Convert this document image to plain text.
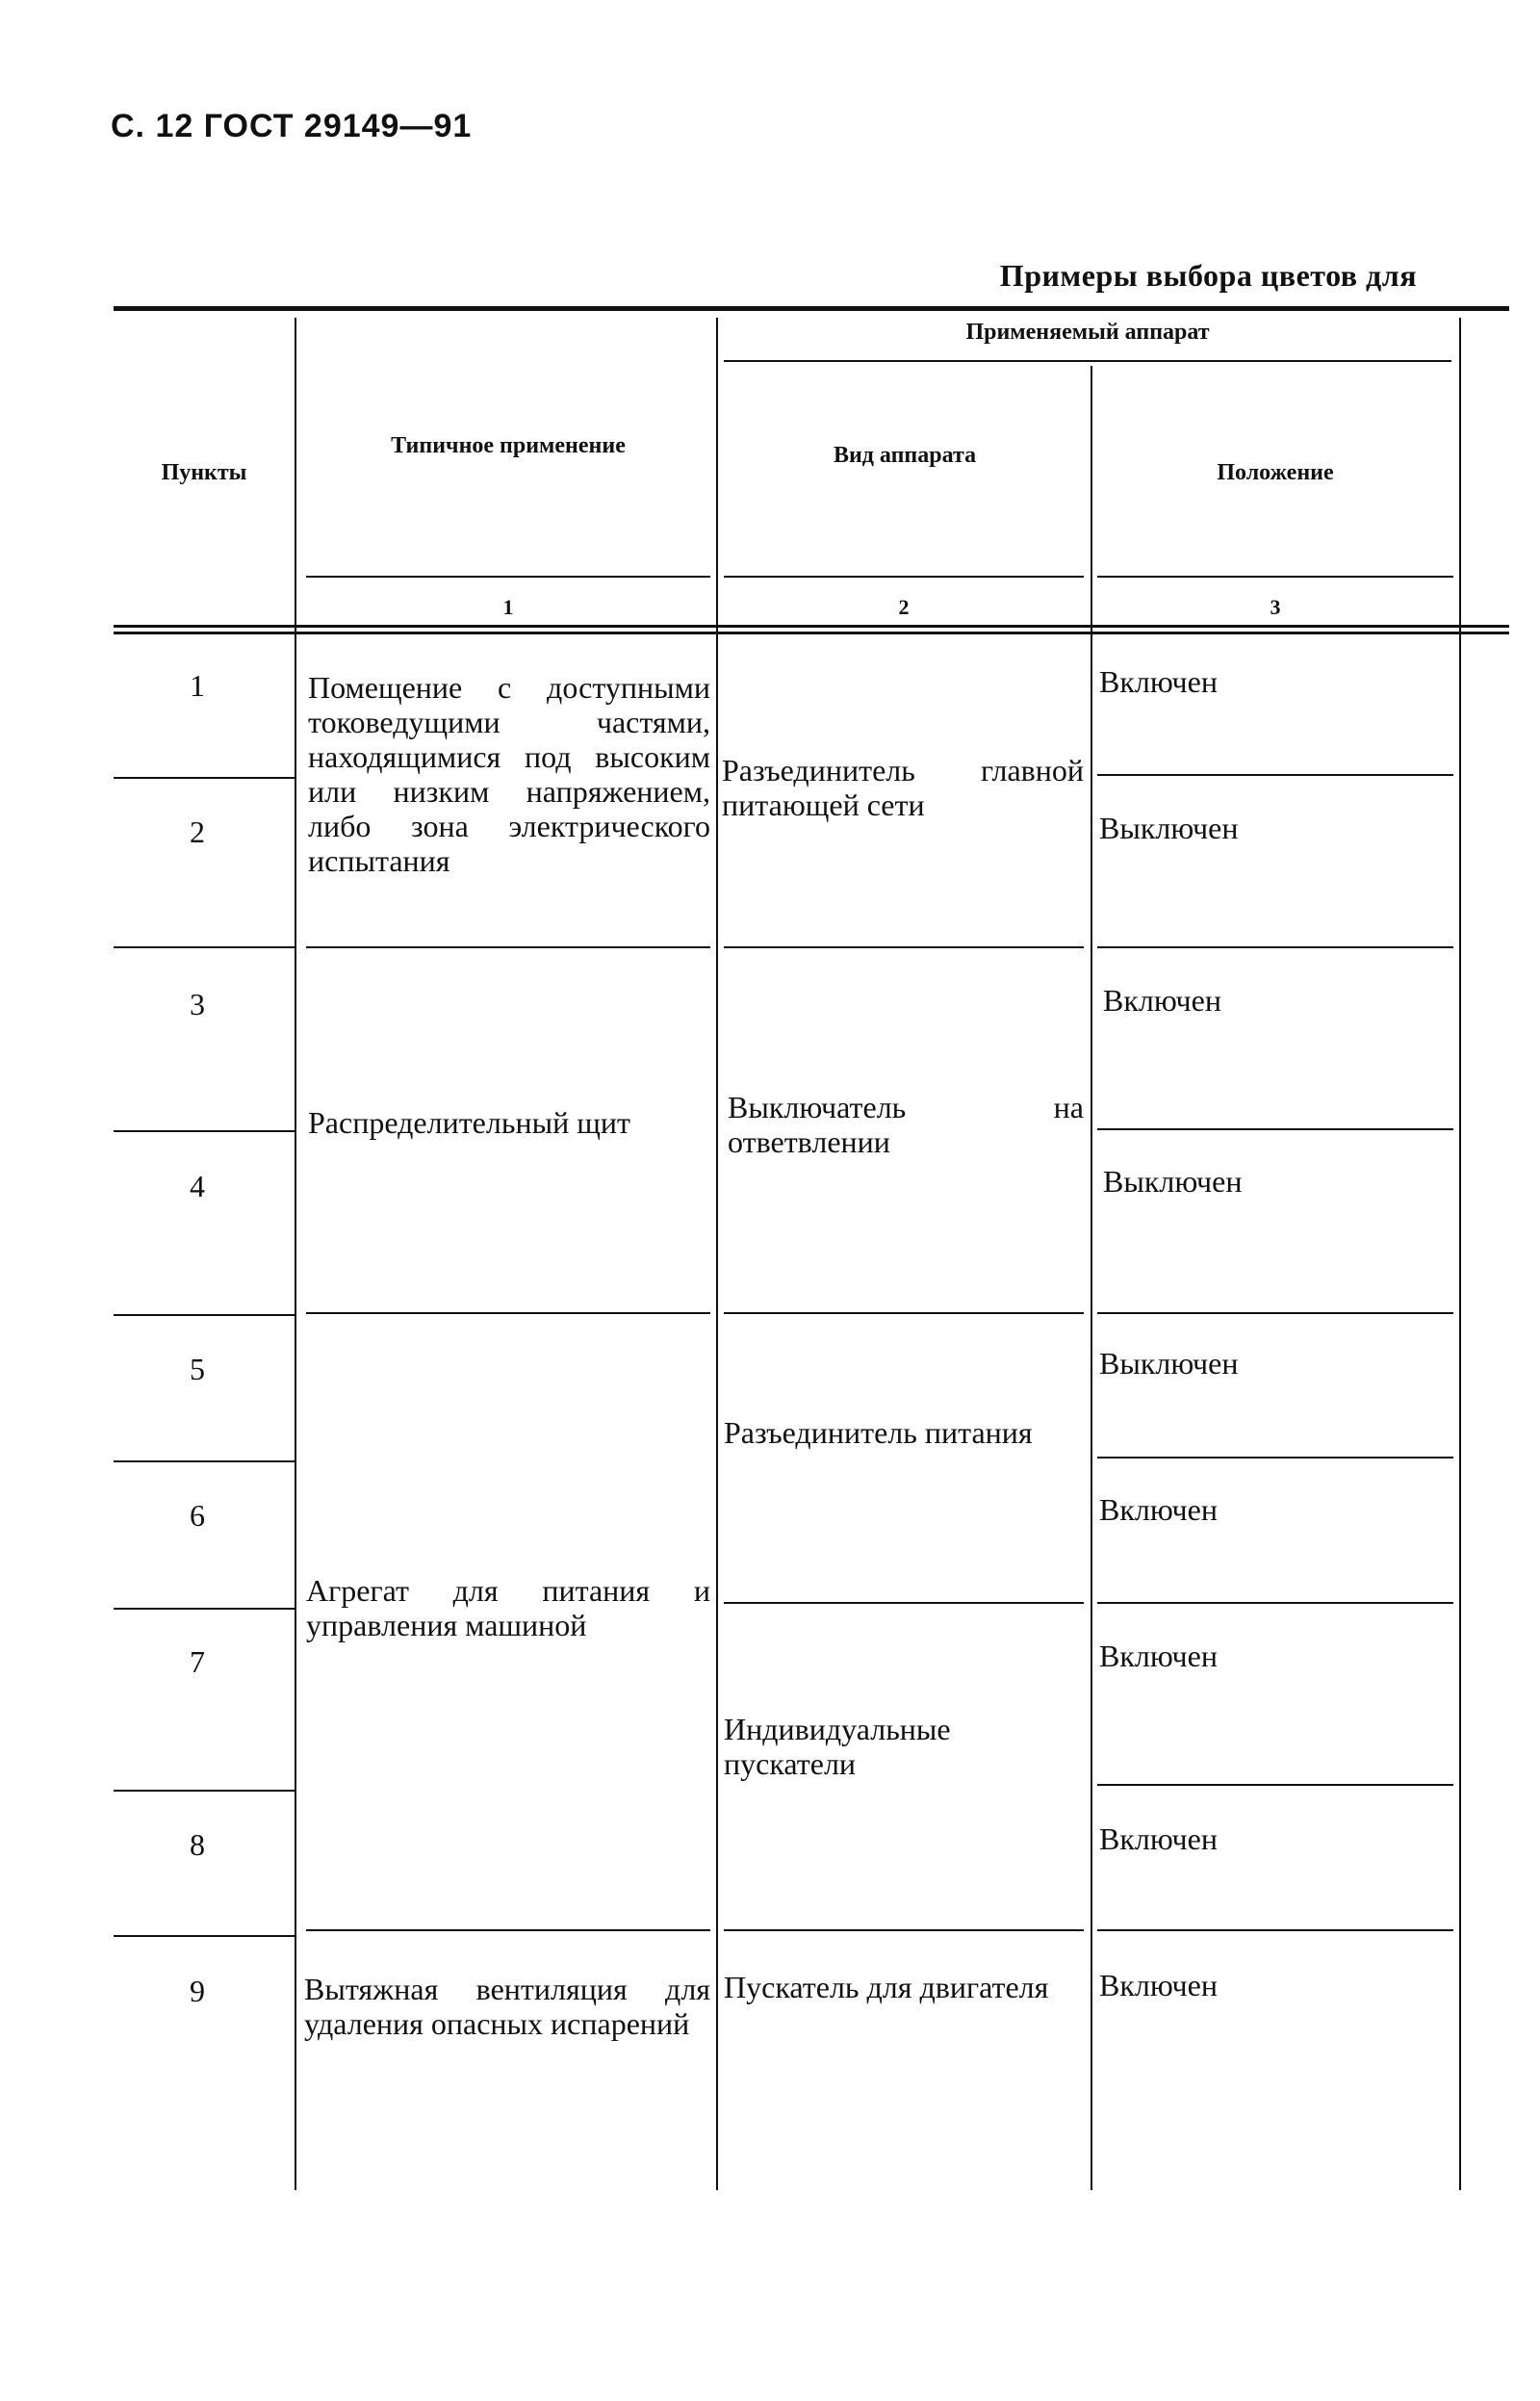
С. 12 ГОСТ 29149—91
Примеры выбора цветов для
Пункты
Типичное применение
Применяемый аппарат
Вид аппарата
Положение
1	2	3
1
2
3
4
5
6
7
8
9
Помещение с доступными токоведущими частями, находящимися под высоким или низким напряжением, либо зона электрического испытания
Распределительный щит
Агрегат для питания и управления машиной
Вытяжная вентиляция для удаления опасных испарений
Разъединитель главной питающей сети
Выключатель на ответвлении
Разъединитель питания
Индивидуальные пускатели
Пускатель для двигателя
Включен
Выключен
Включен
Выключен
Выключен
Включен
Включен
Включен
Включен
